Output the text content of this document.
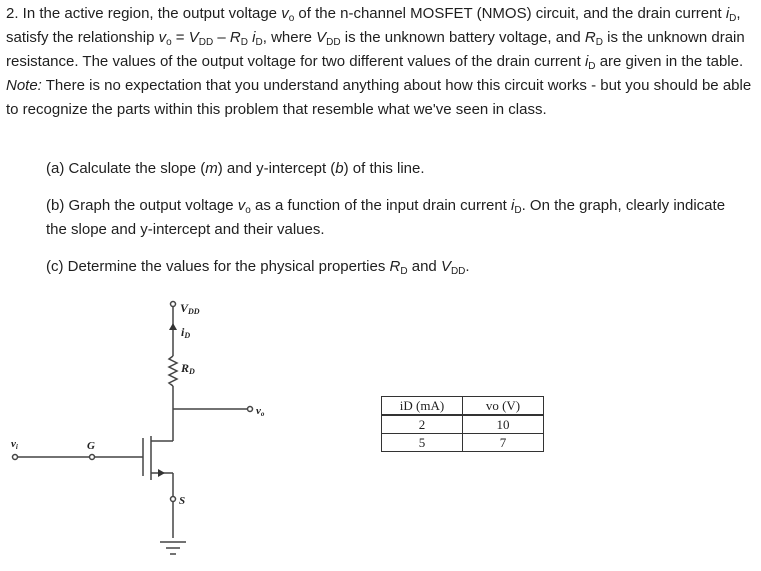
2. In the active region, the output voltage $v_o$ of the n-channel MOSFET (NMOS) circuit, and the drain current $i_D$, satisfy the relationship $v_o = V_{DD} - R_D$ $i_D$, where $V_{DD}$ is the unknown battery voltage, and $R_D$ is the unknown drain resistance. The values of the output voltage for two different values of the drain current $i_D$ are given in the table. Note: There is no expectation that you understand anything about how this circuit works - but you should be able to recognize the parts within this problem that resemble what we've seen in class.

(a) Calculate the slope (m) and y-intercept (b) of this line.

(b) Graph the output voltage $v_o$ as a function of the input drain current $i_D$. On the graph, clearly indicate the slope and y-intercept and their values.

(c) Determine the values for the physical properties $R_D$ and $V_{DD}$.

VDD
iD
RD
vo
vi	G
S
iD (mA)	vo (V)
2	10
5	7
